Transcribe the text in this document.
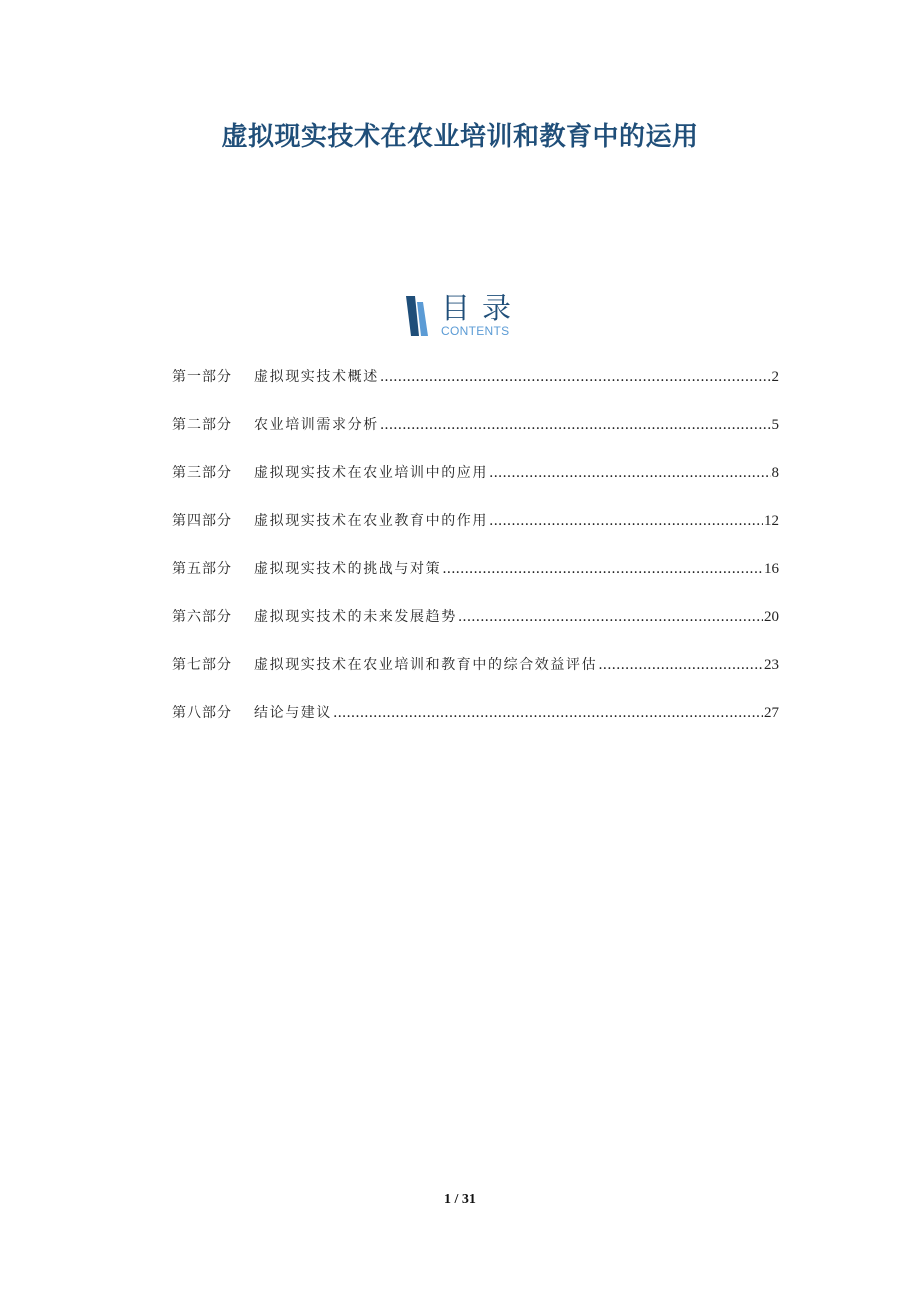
虚拟现实技术在农业培训和教育中的运用
目录
CONTENTS
第一部分	虚拟现实技术概述 .....	2
第二部分	农业培训需求分析 .....	5
第三部分	虚拟现实技术在农业培训中的应用 .....	8
第四部分	虚拟现实技术在农业教育中的作用 .....	12
第五部分	虚拟现实技术的挑战与对策 .....	16
第六部分	虚拟现实技术的未来发展趋势 .....	20
第七部分	虚拟现实技术在农业培训和教育中的综合效益评估 .....	23
第八部分	结论与建议 .....	27
1 / 31
